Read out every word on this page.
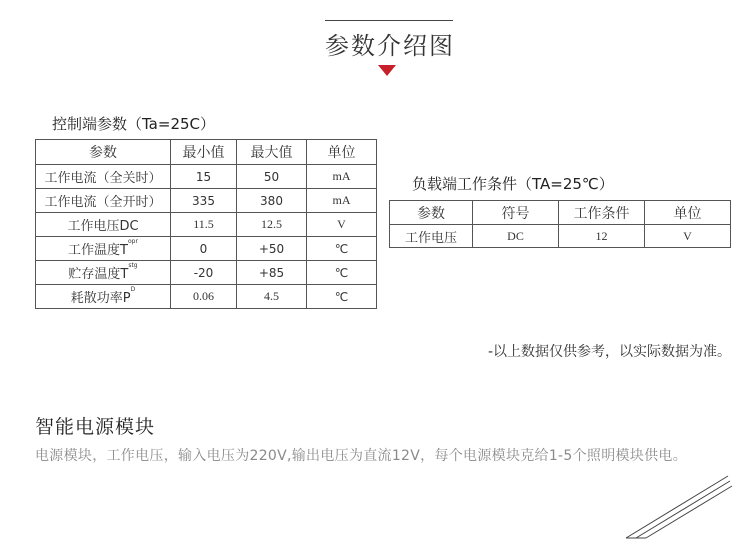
参数介绍图
控制端参数（Ta=25C）
参数	最小值	最大值	单位
工作电流（全关时）	15	50	mA
工作电流（全开时）	335	380	mA
工作电压DC	11.5	12.5	V
工作温度$T^{opr}$	0	+50	℃
贮存温度$T^{stg}$	-20	+85	℃
耗散功率$P^D$	0.06	4.5	℃
负载端工作条件（TA=25℃）
参数	符号	工作条件	单位
工作电压	DC	12	V
-以上数据仅供参考，以实际数据为准。
智能电源模块
电源模块，工作电压，输入电压为220V,输出电压为直流12V，每个电源模块克给1-5个照明模块供电。
